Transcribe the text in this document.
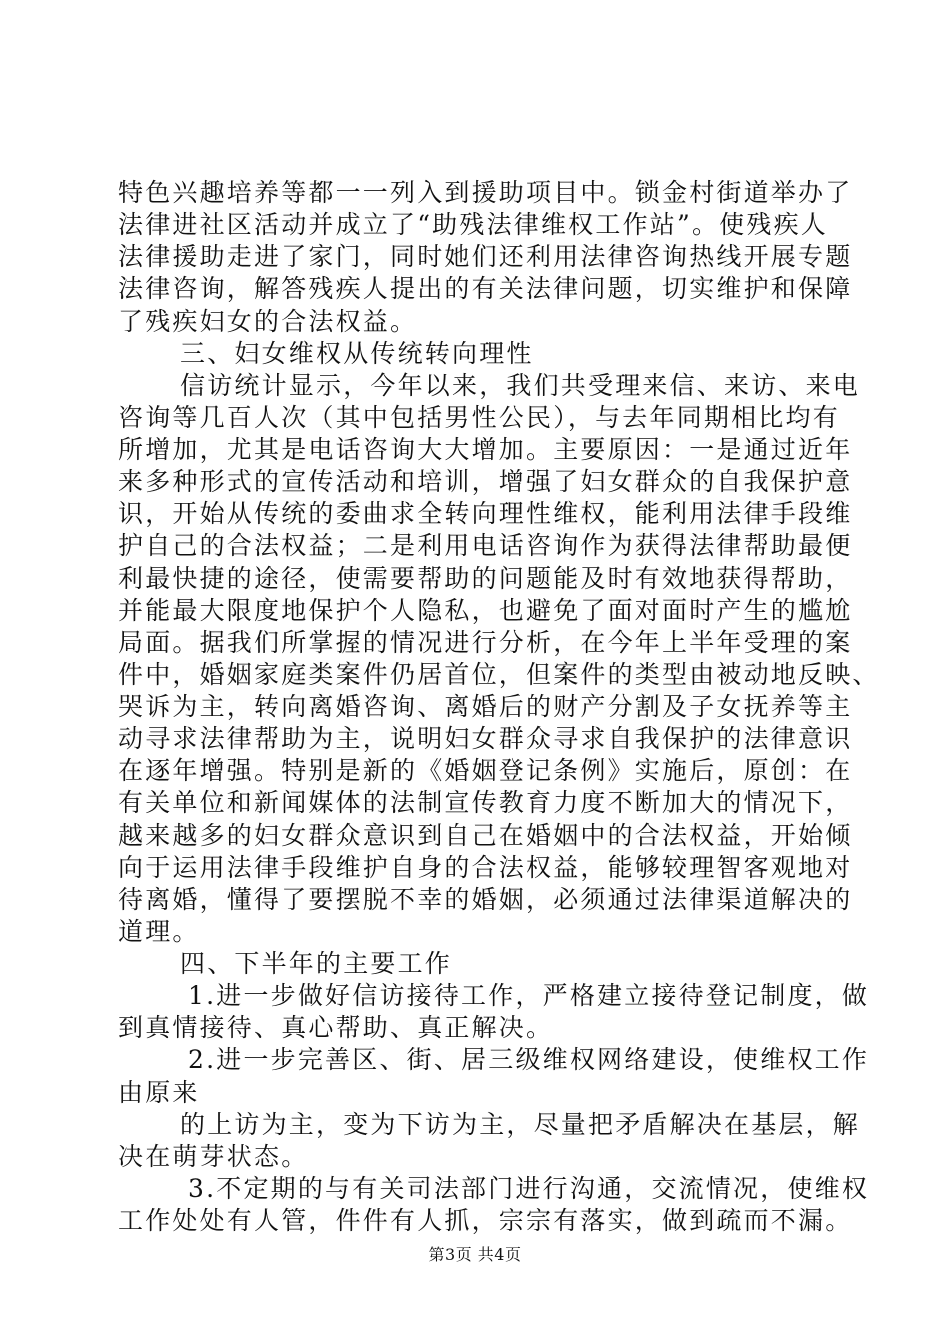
特色兴趣培养等都一一列入到援助项目中。锁金村街道举办了
法律进社区活动并成立了“助残法律维权工作站”。使残疾人
法律援助走进了家门，同时她们还利用法律咨询热线开展专题
法律咨询，解答残疾人提出的有关法律问题，切实维护和保障
了残疾妇女的合法权益。
三、妇女维权从传统转向理性
信访统计显示，今年以来，我们共受理来信、来访、来电
咨询等几百人次（其中包括男性公民），与去年同期相比均有
所增加，尤其是电话咨询大大增加。主要原因：一是通过近年
来多种形式的宣传活动和培训，增强了妇女群众的自我保护意
识，开始从传统的委曲求全转向理性维权，能利用法律手段维
护自己的合法权益；二是利用电话咨询作为获得法律帮助最便
利最快捷的途径，使需要帮助的问题能及时有效地获得帮助，
并能最大限度地保护个人隐私，也避免了面对面时产生的尴尬
局面。据我们所掌握的情况进行分析，在今年上半年受理的案
件中，婚姻家庭类案件仍居首位，但案件的类型由被动地反映、
哭诉为主，转向离婚咨询、离婚后的财产分割及子女抚养等主
动寻求法律帮助为主，说明妇女群众寻求自我保护的法律意识
在逐年增强。特别是新的《婚姻登记条例》实施后，原创：在
有关单位和新闻媒体的法制宣传教育力度不断加大的情况下，
越来越多的妇女群众意识到自己在婚姻中的合法权益，开始倾
向于运用法律手段维护自身的合法权益，能够较理智客观地对
待离婚，懂得了要摆脱不幸的婚姻，必须通过法律渠道解决的
道理。
四、下半年的主要工作
1.进一步做好信访接待工作，严格建立接待登记制度，做
到真情接待、真心帮助、真正解决。
2.进一步完善区、街、居三级维权网络建设，使维权工作
由原来
的上访为主，变为下访为主，尽量把矛盾解决在基层，解
决在萌芽状态。
3.不定期的与有关司法部门进行沟通，交流情况，使维权
工作处处有人管，件件有人抓，宗宗有落实，做到疏而不漏。
第3页 共4页
